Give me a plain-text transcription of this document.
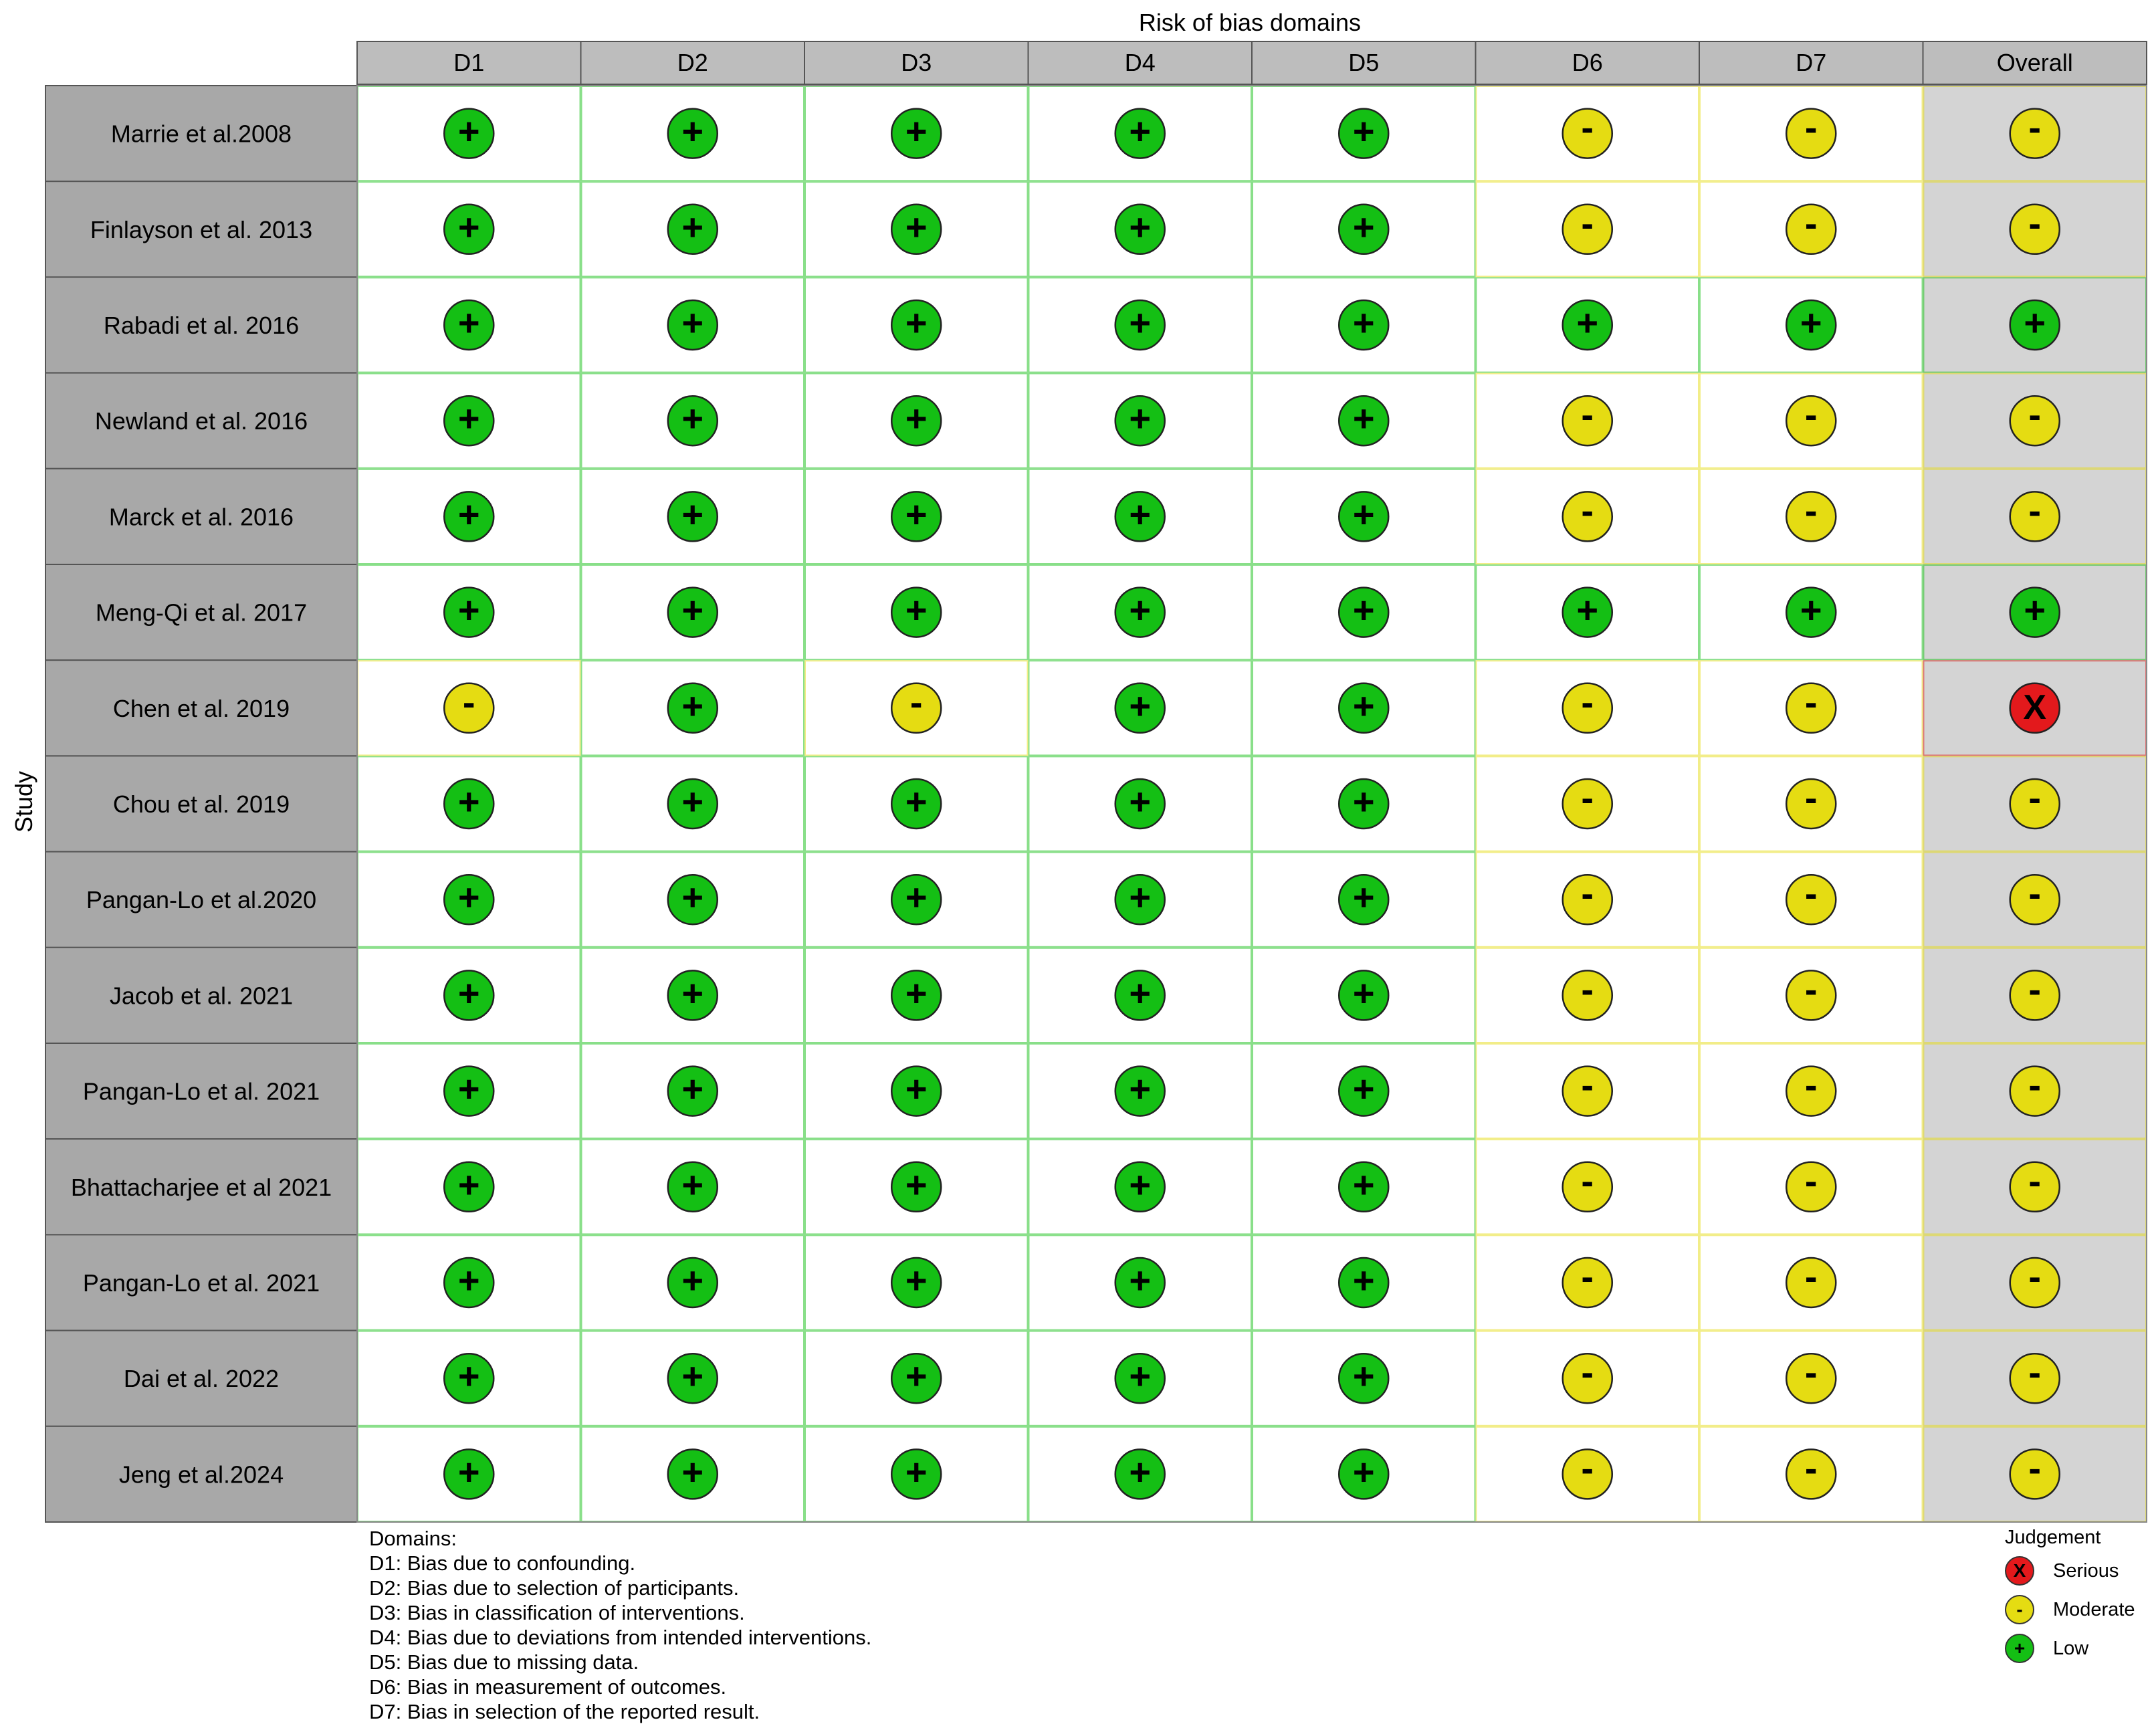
Risk of bias domains
Study
D1	D2	D3	D4	D5	D6	D7	Overall
Marrie et al.2008	+	+	+	+	+	-	-	-
Finlayson et al. 2013	+	+	+	+	+	-	-	-
Rabadi et al. 2016	+	+	+	+	+	+	+	+
Newland et al. 2016	+	+	+	+	+	-	-	-
Marck et al. 2016	+	+	+	+	+	-	-	-
Meng-Qi et al. 2017	+	+	+	+	+	+	+	+
Chen et al. 2019	-	+	-	+	+	-	-	X
Chou et al. 2019	+	+	+	+	+	-	-	-
Pangan-Lo et al.2020	+	+	+	+	+	-	-	-
Jacob et al. 2021	+	+	+	+	+	-	-	-
Pangan-Lo et al. 2021	+	+	+	+	+	-	-	-
Bhattacharjee et al 2021	+	+	+	+	+	-	-	-
Pangan-Lo et al. 2021	+	+	+	+	+	-	-	-
Dai et al. 2022	+	+	+	+	+	-	-	-
Jeng et al.2024	+	+	+	+	+	-	-	-
Domains:
D1: Bias due to confounding.
D2: Bias due to selection of participants.
D3: Bias in classification of interventions.
D4: Bias due to deviations from intended interventions.
D5: Bias due to missing data.
D6: Bias in measurement of outcomes.
D7: Bias in selection of the reported result.
Judgement
X	Serious
-	Moderate
+	Low
